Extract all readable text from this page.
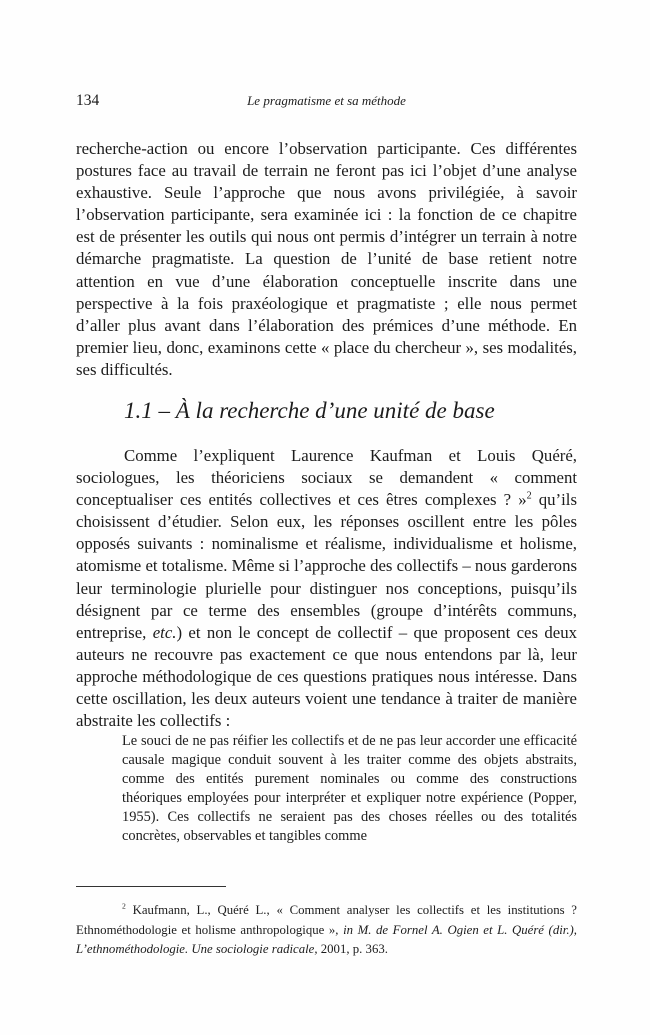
134	Le pragmatisme et sa méthode

recherche-action ou encore l’observation participante. Ces différentes postures face au travail de terrain ne feront pas ici l’objet d’une analyse exhaustive. Seule l’approche que nous avons privilégiée, à savoir l’observation participante, sera examinée ici : la fonction de ce chapitre est de présenter les outils qui nous ont permis d’intégrer un terrain à notre démarche pragmatiste. La question de l’unité de base retient notre attention en vue d’une élaboration conceptuelle inscrite dans une perspective à la fois praxéologique et pragmatiste ; elle nous permet d’aller plus avant dans l’élaboration des prémices d’une méthode. En premier lieu, donc, examinons cette « place du chercheur », ses modalités, ses difficultés.

1.1 – À la recherche d’une unité de base

Comme l’expliquent Laurence Kaufman et Louis Quéré, sociologues, les théoriciens sociaux se demandent « comment conceptualiser ces entités collectives et ces êtres complexes ? »$^2$ qu’ils choisissent d’étudier. Selon eux, les réponses oscillent entre les pôles opposés suivants : nominalisme et réalisme, individualisme et holisme, atomisme et totalisme. Même si l’approche des collectifs – nous garderons leur terminologie plurielle pour distinguer nos conceptions, puisqu’ils désignent par ce terme des ensembles (groupe d’intérêts communs, entreprise, etc.) et non le concept de collectif – que proposent ces deux auteurs ne recouvre pas exactement ce que nous entendons par là, leur approche méthodologique de ces questions pratiques nous intéresse. Dans cette oscillation, les deux auteurs voient une tendance à traiter de manière abstraite les collectifs :

Le souci de ne pas réifier les collectifs et de ne pas leur accorder une efficacité causale magique conduit souvent à les traiter comme des objets abstraits, comme des entités purement nominales ou comme des constructions théoriques employées pour interpréter et expliquer notre expérience (Popper, 1955). Ces collectifs ne seraient pas des choses réelles ou des totalités concrètes, observables et tangibles comme

$^2$ Kaufmann, L., Quéré L., « Comment analyser les collectifs et les institutions ? Ethnométhodologie et holisme anthropologique », in M. de Fornel A. Ogien et L. Quéré (dir.), L’ethnométhodologie. Une sociologie radicale, 2001, p. 363.
